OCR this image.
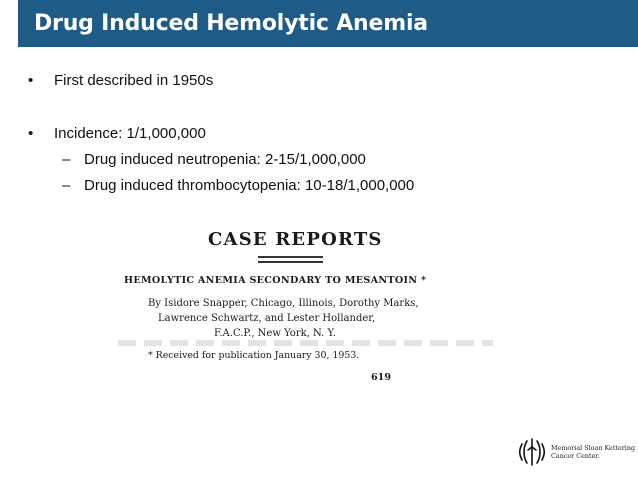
Drug Induced Hemolytic Anemia
• First described in 1950s
• Incidence: 1/1,000,000
– Drug induced neutropenia: 2-15/1,000,000
– Drug induced thrombocytopenia: 10-18/1,000,000
CASE REPORTS
HEMOLYTIC ANEMIA SECONDARY TO MESANTOIN *
By Isidore Snapper, Chicago, Illinois, Dorothy Marks,
Lawrence Schwartz, and Lester Hollander,
F.A.C.P., New York, N. Y.
* Received for publication January 30, 1953.
619
Memorial Sloan Kettering
Cancer Center.
